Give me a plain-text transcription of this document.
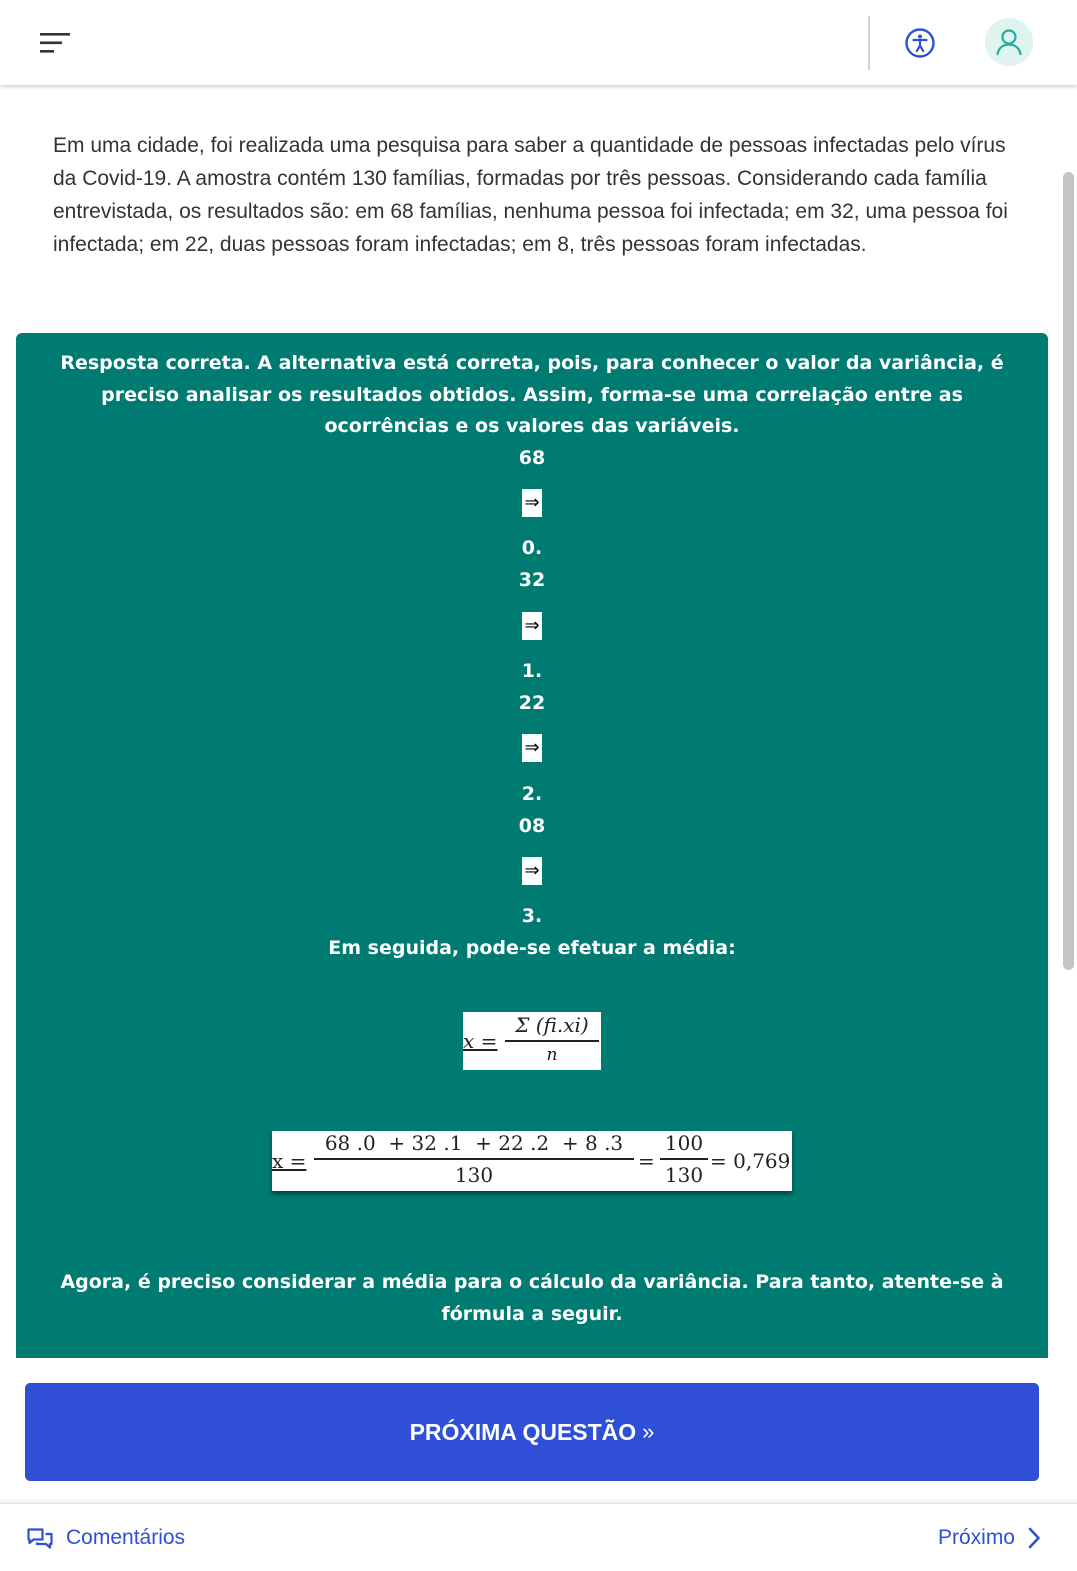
Em uma cidade, foi realizada uma pesquisa para saber a quantidade de pessoas infectadas pelo vírus da Covid-19. A amostra contém 130 famílias, formadas por três pessoas. Considerando cada família entrevistada, os resultados são: em 68 famílias, nenhuma pessoa foi infectada; em 32, uma pessoa foi infectada; em 22, duas pessoas foram infectadas; em 8, três pessoas foram infectadas.

Resposta correta. A alternativa está correta, pois, para conhecer o valor da variância, é preciso analisar os resultados obtidos. Assim, forma-se uma correlação entre as ocorrências e os valores das variáveis.

68
⇒
0.
32
⇒
1.
22
⇒
2.
08
⇒
3.
Em seguida, pode-se efetuar a média:
x =
Σ (fi.xi)
n
x =
68 .0  + 32 .1  + 22 .2  + 8 .3
130
=
100
130
= 0,769

Agora, é preciso considerar a média para o cálculo da variância. Para tanto, atente-se à fórmula a seguir.

PRÓXIMA QUESTÃO »
Comentários	Próximo
